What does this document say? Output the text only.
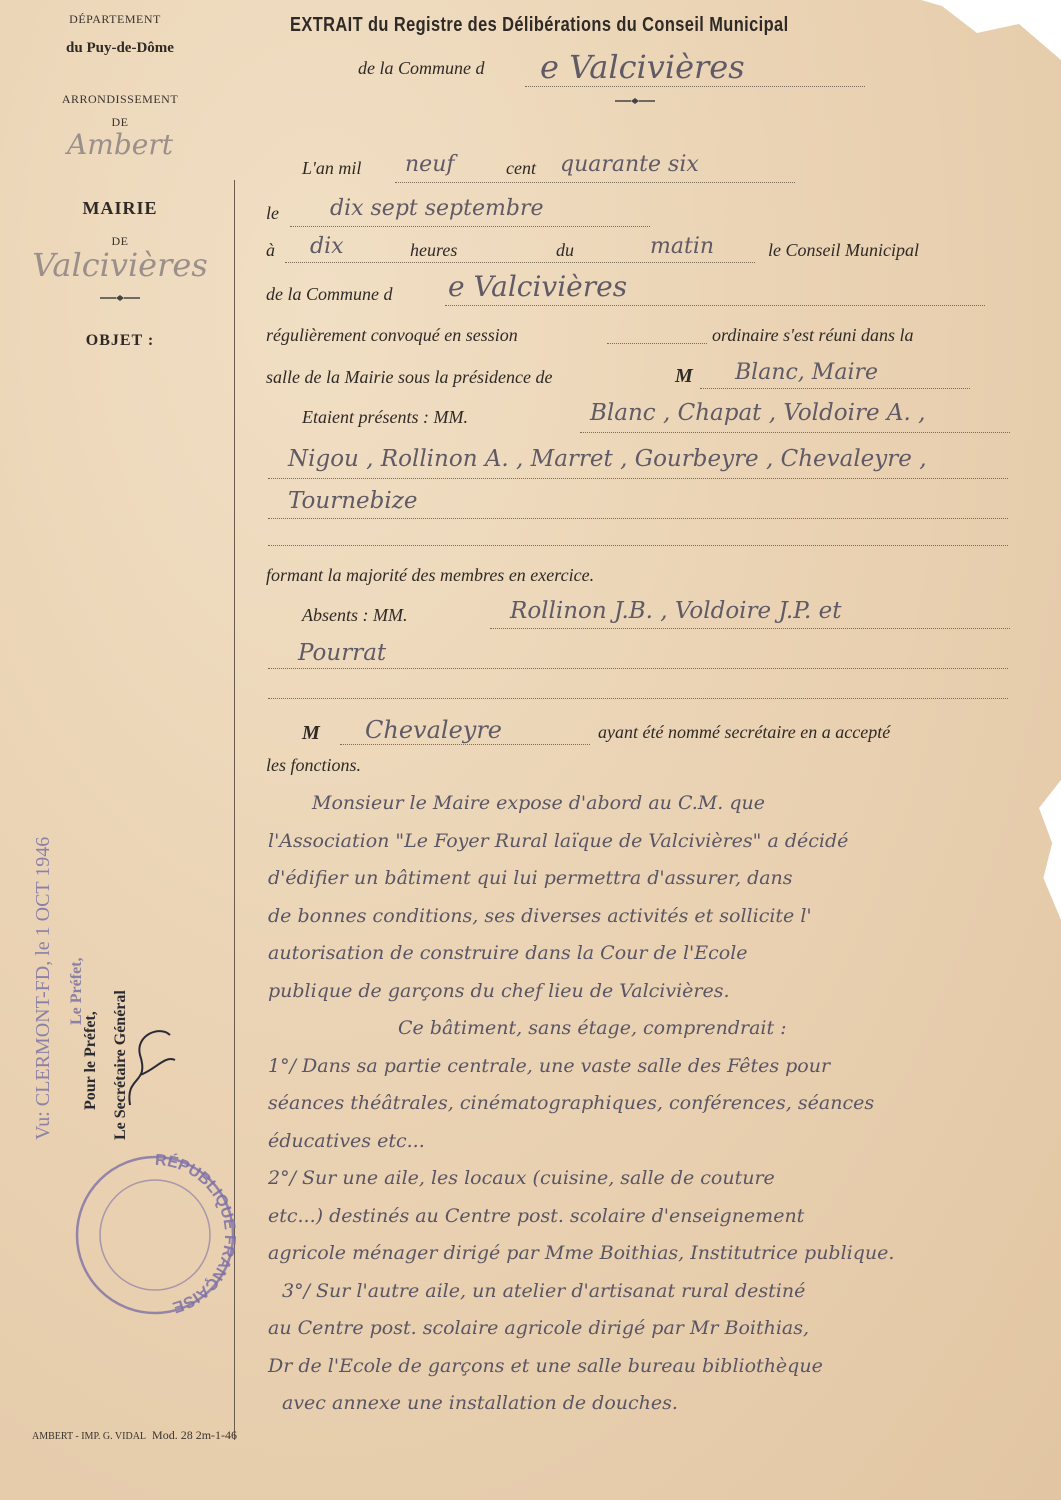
DÉPARTEMENT
du Puy-de-Dôme
ARRONDISSEMENT
DE
Ambert
MAIRIE
DE
Valcivières
OBJET :
AMBERT - IMP. G. VIDAL Mod. 28 2m-1-46
EXTRAIT du Registre des Délibérations du Conseil Municipal
de la Commune d e Valcivières
L'an mil neuf	cent quarante six
le dix sept septembre
à dix	heures	du	matin	le Conseil Municipal
de la Commune d e Valcivières
régulièrement convoqué en session	ordinaire s'est réuni dans la
salle de la Mairie sous la présidence de	M Blanc, Maire
Etaient présents : MM.	Blanc , Chapat , Voldoire A. ,
Nigou , Rollinon A. , Marret , Gourbeyre , Chevaleyre ,
Tournebize
formant la majorité des membres en exercice.
Absents : MM.	Rollinon J.B. , Voldoire J.P. et
Pourrat
M Chevaleyre	ayant été nommé secrétaire en a accepté
les fonctions.
Monsieur le Maire expose d'abord au C.M. que
l'Association "Le Foyer Rural laïque de Valcivières" a décidé
d'édifier un bâtiment qui lui permettra d'assurer, dans
de bonnes conditions, ses diverses activités et sollicite l'
autorisation de construire dans la Cour de l'Ecole
publique de garçons du chef lieu de Valcivières.
Ce bâtiment, sans étage, comprendrait :
1°/ Dans sa partie centrale, une vaste salle des Fêtes pour
séances théâtrales, cinématographiques, conférences, séances
éducatives etc...
2°/ Sur une aile, les locaux (cuisine, salle de couture
etc...) destinés au Centre post. scolaire d'enseignement
agricole ménager dirigé par Mme Boithias, Institutrice publique.
3°/ Sur l'autre aile, un atelier d'artisanat rural destiné
au Centre post. scolaire agricole dirigé par Mr Boithias,
Dr de l'Ecole de garçons et une salle bureau bibliothèque
avec annexe une installation de douches.
Vu: CLERMONT-FD, le 1 OCT 1946 Le Préfet,
Pour le Préfet, Le Secrétaire Général
RÉPUBLIQUE FRANÇAISE
